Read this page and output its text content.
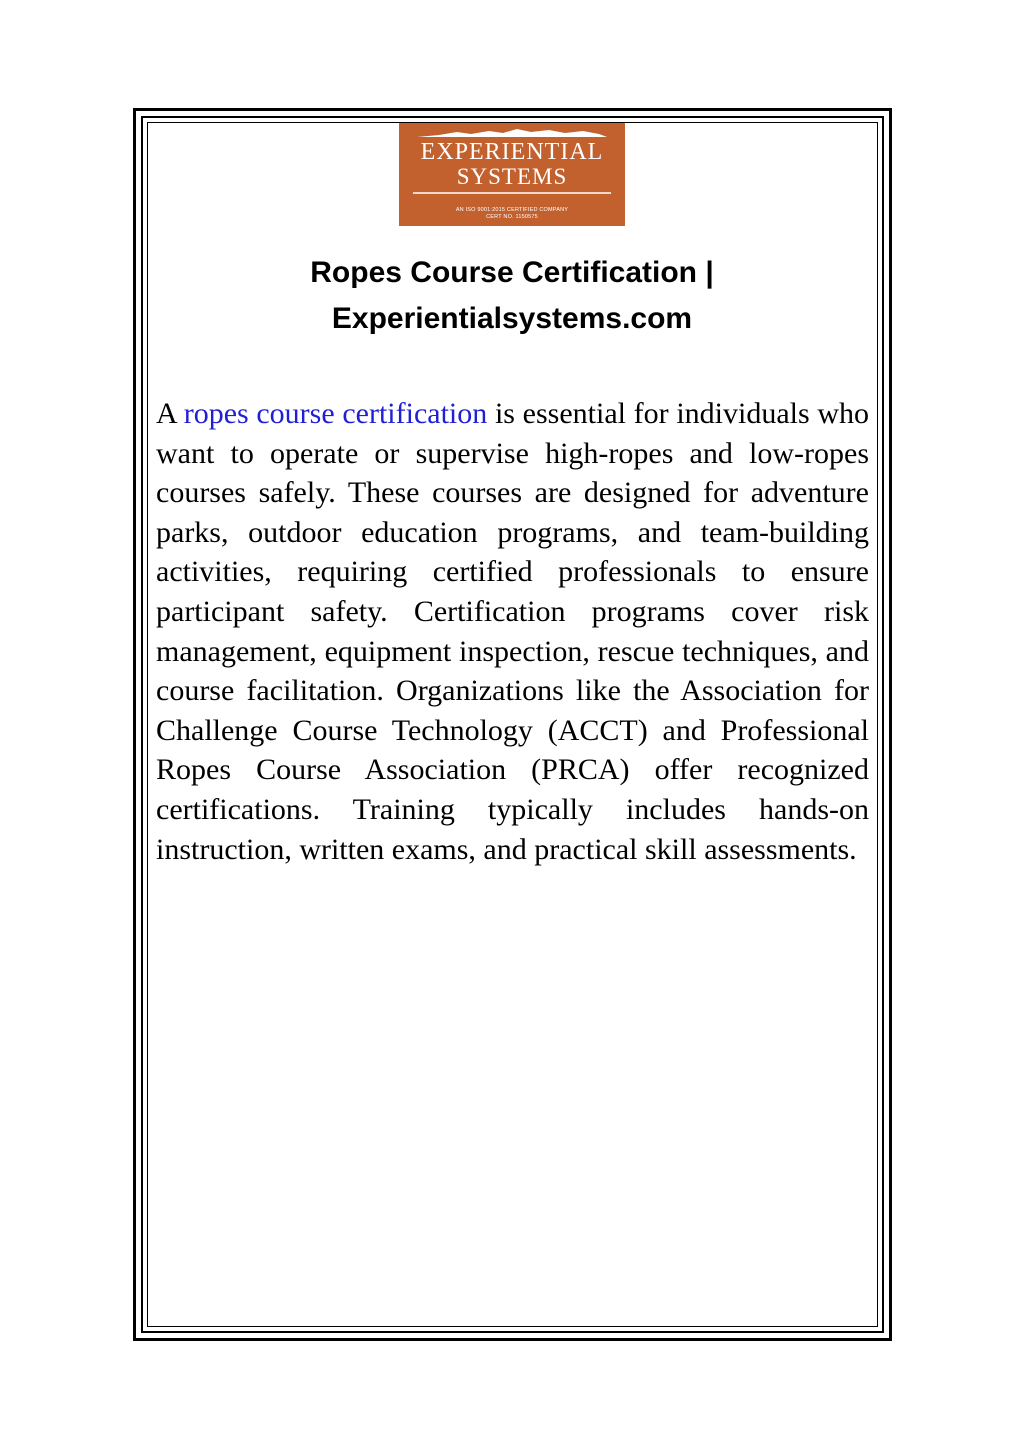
EXPERIENTIAL
SYSTEMS
AN ISO 9001:2015 CERTIFIED COMPANY
CERT NO. 1150575
Ropes Course Certification |
Experientialsystems.com

A ropes course certification is essential for individuals who want to operate or supervise high-ropes and low-ropes courses safely. These courses are designed for adventure parks, outdoor education programs, and team-building activities, requiring certified professionals to ensure participant safety. Certification programs cover risk management, equipment inspection, rescue techniques, and course facilitation. Organizations like the Association for Challenge Course Technology (ACCT) and Professional Ropes Course Association (PRCA) offer recognized certifications. Training typically includes hands-on instruction, written exams, and practical skill assessments.
